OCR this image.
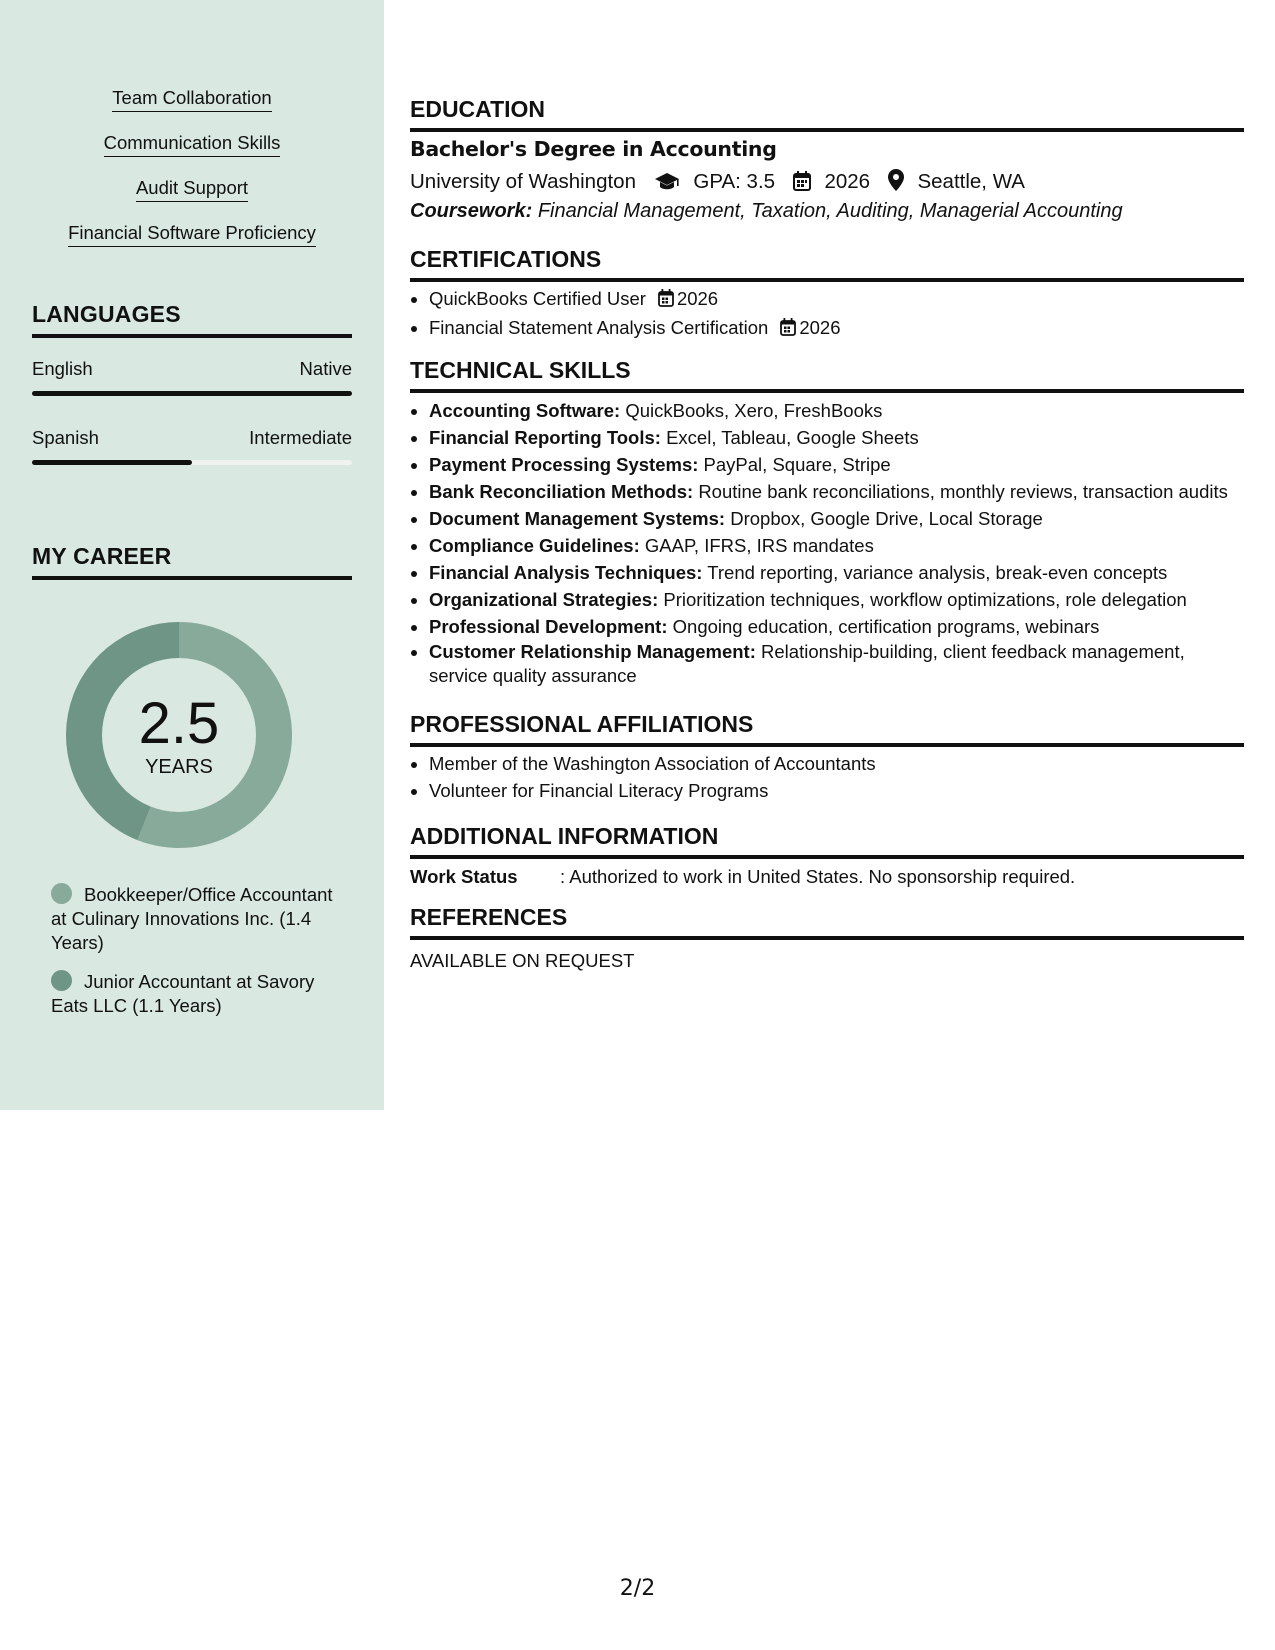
Team Collaboration
Communication Skills
Audit Support
Financial Software Proficiency
LANGUAGES
English	Native
Spanish	Intermediate
MY CAREER
2.5
YEARS
Bookkeeper/Office Accountant at Culinary Innovations Inc. (1.4 Years)
Junior Accountant at Savory Eats LLC (1.1 Years)
EDUCATION
Bachelor's Degree in Accounting
University of Washington	GPA: 3.5 2026 Seattle, WA
Coursework: Financial Management, Taxation, Auditing, Managerial Accounting
CERTIFICATIONS
• QuickBooks Certified User 2026
• Financial Statement Analysis Certification 2026
TECHNICAL SKILLS
• Accounting Software: QuickBooks, Xero, FreshBooks
• Financial Reporting Tools: Excel, Tableau, Google Sheets
• Payment Processing Systems: PayPal, Square, Stripe
• Bank Reconciliation Methods: Routine bank reconciliations, monthly reviews, transaction audits
• Document Management Systems: Dropbox, Google Drive, Local Storage
• Compliance Guidelines: GAAP, IFRS, IRS mandates
• Financial Analysis Techniques: Trend reporting, variance analysis, break-even concepts
• Organizational Strategies: Prioritization techniques, workflow optimizations, role delegation
• Professional Development: Ongoing education, certification programs, webinars
• Customer Relationship Management: Relationship-building, client feedback management, service quality assurance
PROFESSIONAL AFFILIATIONS
• Member of the Washington Association of Accountants
• Volunteer for Financial Literacy Programs
ADDITIONAL INFORMATION
Work Status : Authorized to work in United States. No sponsorship required.
REFERENCES
AVAILABLE ON REQUEST
2/2
